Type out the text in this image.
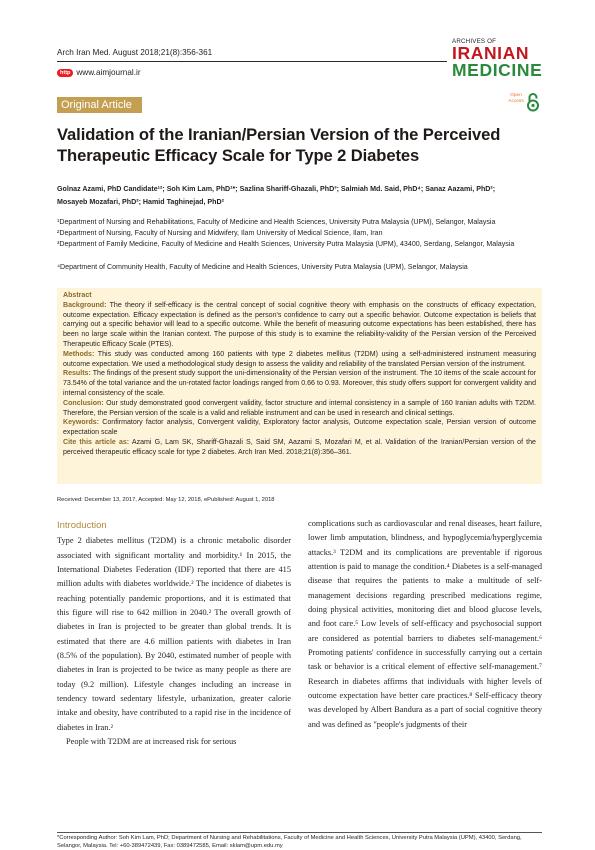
Arch Iran Med. August 2018;21(8):356-361
http www.aimjournal.ir
ARCHIVES OF
IRANIAN
MEDICINE
Original Article
Open
Access
Validation of the Iranian/Persian Version of the Perceived Therapeutic Efficacy Scale for Type 2 Diabetes
Golnaz Azami, PhD Candidate¹²; Soh Kim Lam, PhD¹*; Sazlina Shariff-Ghazali, PhD³; Salmiah Md. Said, PhD⁴; Sanaz Aazami, PhD²;
Mosayeb Mozafari, PhD²; Hamid Taghinejad, PhD²
¹Department of Nursing and Rehabilitations, Faculty of Medicine and Health Sciences, University Putra Malaysia (UPM), Selangor, Malaysia
²Department of Nursing, Faculty of Nursing and Midwifery, Ilam University of Medical Science, Ilam, Iran
³Department of Family Medicine, Faculty of Medicine and Health Sciences, University Putra Malaysia (UPM), 43400, Serdang, Selangor, Malaysia
⁴Department of Community Health, Faculty of Medicine and Health Sciences, University Putra Malaysia (UPM), Selangor, Malaysia

Abstract

Background: The theory if self-efficacy is the central concept of social cognitive theory with emphasis on the constructs of efficacy expectation, outcome expectation. Efficacy expectation is defined as the person's confidence to carry out a specific behavior. Outcome expectation is beliefs that carrying out a specific behavior will lead to a specific outcome. While the benefit of measuring outcome expectations has been established, there has been no large scale within the Iranian context. The purpose of this study is to examine the reliability-validity of the Persian version of the Perceived Therapeutic Efficacy Scale (PTES).

Methods: This study was conducted among 160 patients with type 2 diabetes mellitus (T2DM) using a self-administered instrument measuring outcome expectation. We used a methodological study design to assess the validity and reliability of the translated Persian version of the instrument.

Results: The findings of the present study support the uni-dimensionality of the Persian version of the instrument. The 10 items of the scale account for 73.54% of the total variance and the un-rotated factor loadings ranged from 0.66 to 0.93. Moreover, this study offers support for convergent validity and internal consistency of the scale.

Conclusion: Our study demonstrated good convergent validity, factor structure and internal consistency in a sample of 160 Iranian adults with T2DM. Therefore, the Persian version of the scale is a valid and reliable instrument and can be used in research and clinical settings.

Keywords: Confirmatory factor analysis, Convergent validity, Exploratory factor analysis, Outcome expectation scale, Persian version of outcome expectation scale

Cite this article as: Azami G, Lam SK, Shariff-Ghazali S, Said SM, Aazami S, Mozafari M, et al. Validation of the Iranian/Persian version of the perceived therapeutic efficacy scale for type 2 diabetes. Arch Iran Med. 2018;21(8):356–361.

Received: December 13, 2017, Accepted: May 12, 2018, ePublished: August 1, 2018
Introduction

Type 2 diabetes mellitus (T2DM) is a chronic metabolic disorder associated with significant mortality and morbidity.¹ In 2015, the International Diabetes Federation (IDF) reported that there are 415 million adults with diabetes worldwide.² The incidence of diabetes is reaching potentially pandemic proportions, and it is estimated that this figure will rise to 642 million in 2040.² The overall growth of diabetes in Iran is projected to be greater than global trends. It is estimated that there are 4.6 million patients with diabetes in Iran (8.5% of the population). By 2040, estimated number of people with diabetes in Iran is projected to be twice as many people as there are today (9.2 million). Lifestyle changes including an increase in tendency toward sedentary lifestyle, urbanization, greater calorie intake and obesity, have contributed to a rapid rise in the incidence of diabetes in Iran.²

People with T2DM are at increased risk for serious

complications such as cardiovascular and renal diseases, heart failure, lower limb amputation, blindness, and hypoglycemia/hyperglycemia attacks.³ T2DM and its complications are preventable if rigorous attention is paid to manage the condition.⁴ Diabetes is a self-managed disease that requires the patients to make a multitude of self-management decisions regarding prescribed medications regime, doing physical activities, monitoring diet and blood glucose levels, and foot care.⁵ Low levels of self-efficacy and psychosocial support are considered as potential barriers to diabetes self-management.⁶ Promoting patients' confidence in successfully carrying out a certain task or behavior is a critical element of effective self-management.⁷ Research in diabetes affirms that individuals with higher levels of outcome expectation have better care practices.⁸ Self-efficacy theory was developed by Albert Bandura as a part of social cognitive theory and was defined as "people's judgments of their

*Corresponding Author: Soh Kim Lam, PhD; Department of Nursing and Rehabilitations, Faculty of Medicine and Health Sciences, University Putra Malaysia (UPM), 43400, Serdang, Selangor, Malaysia. Tel: +60-389472439, Fax: 0389472585, Email: sklam@upm.edu.my
